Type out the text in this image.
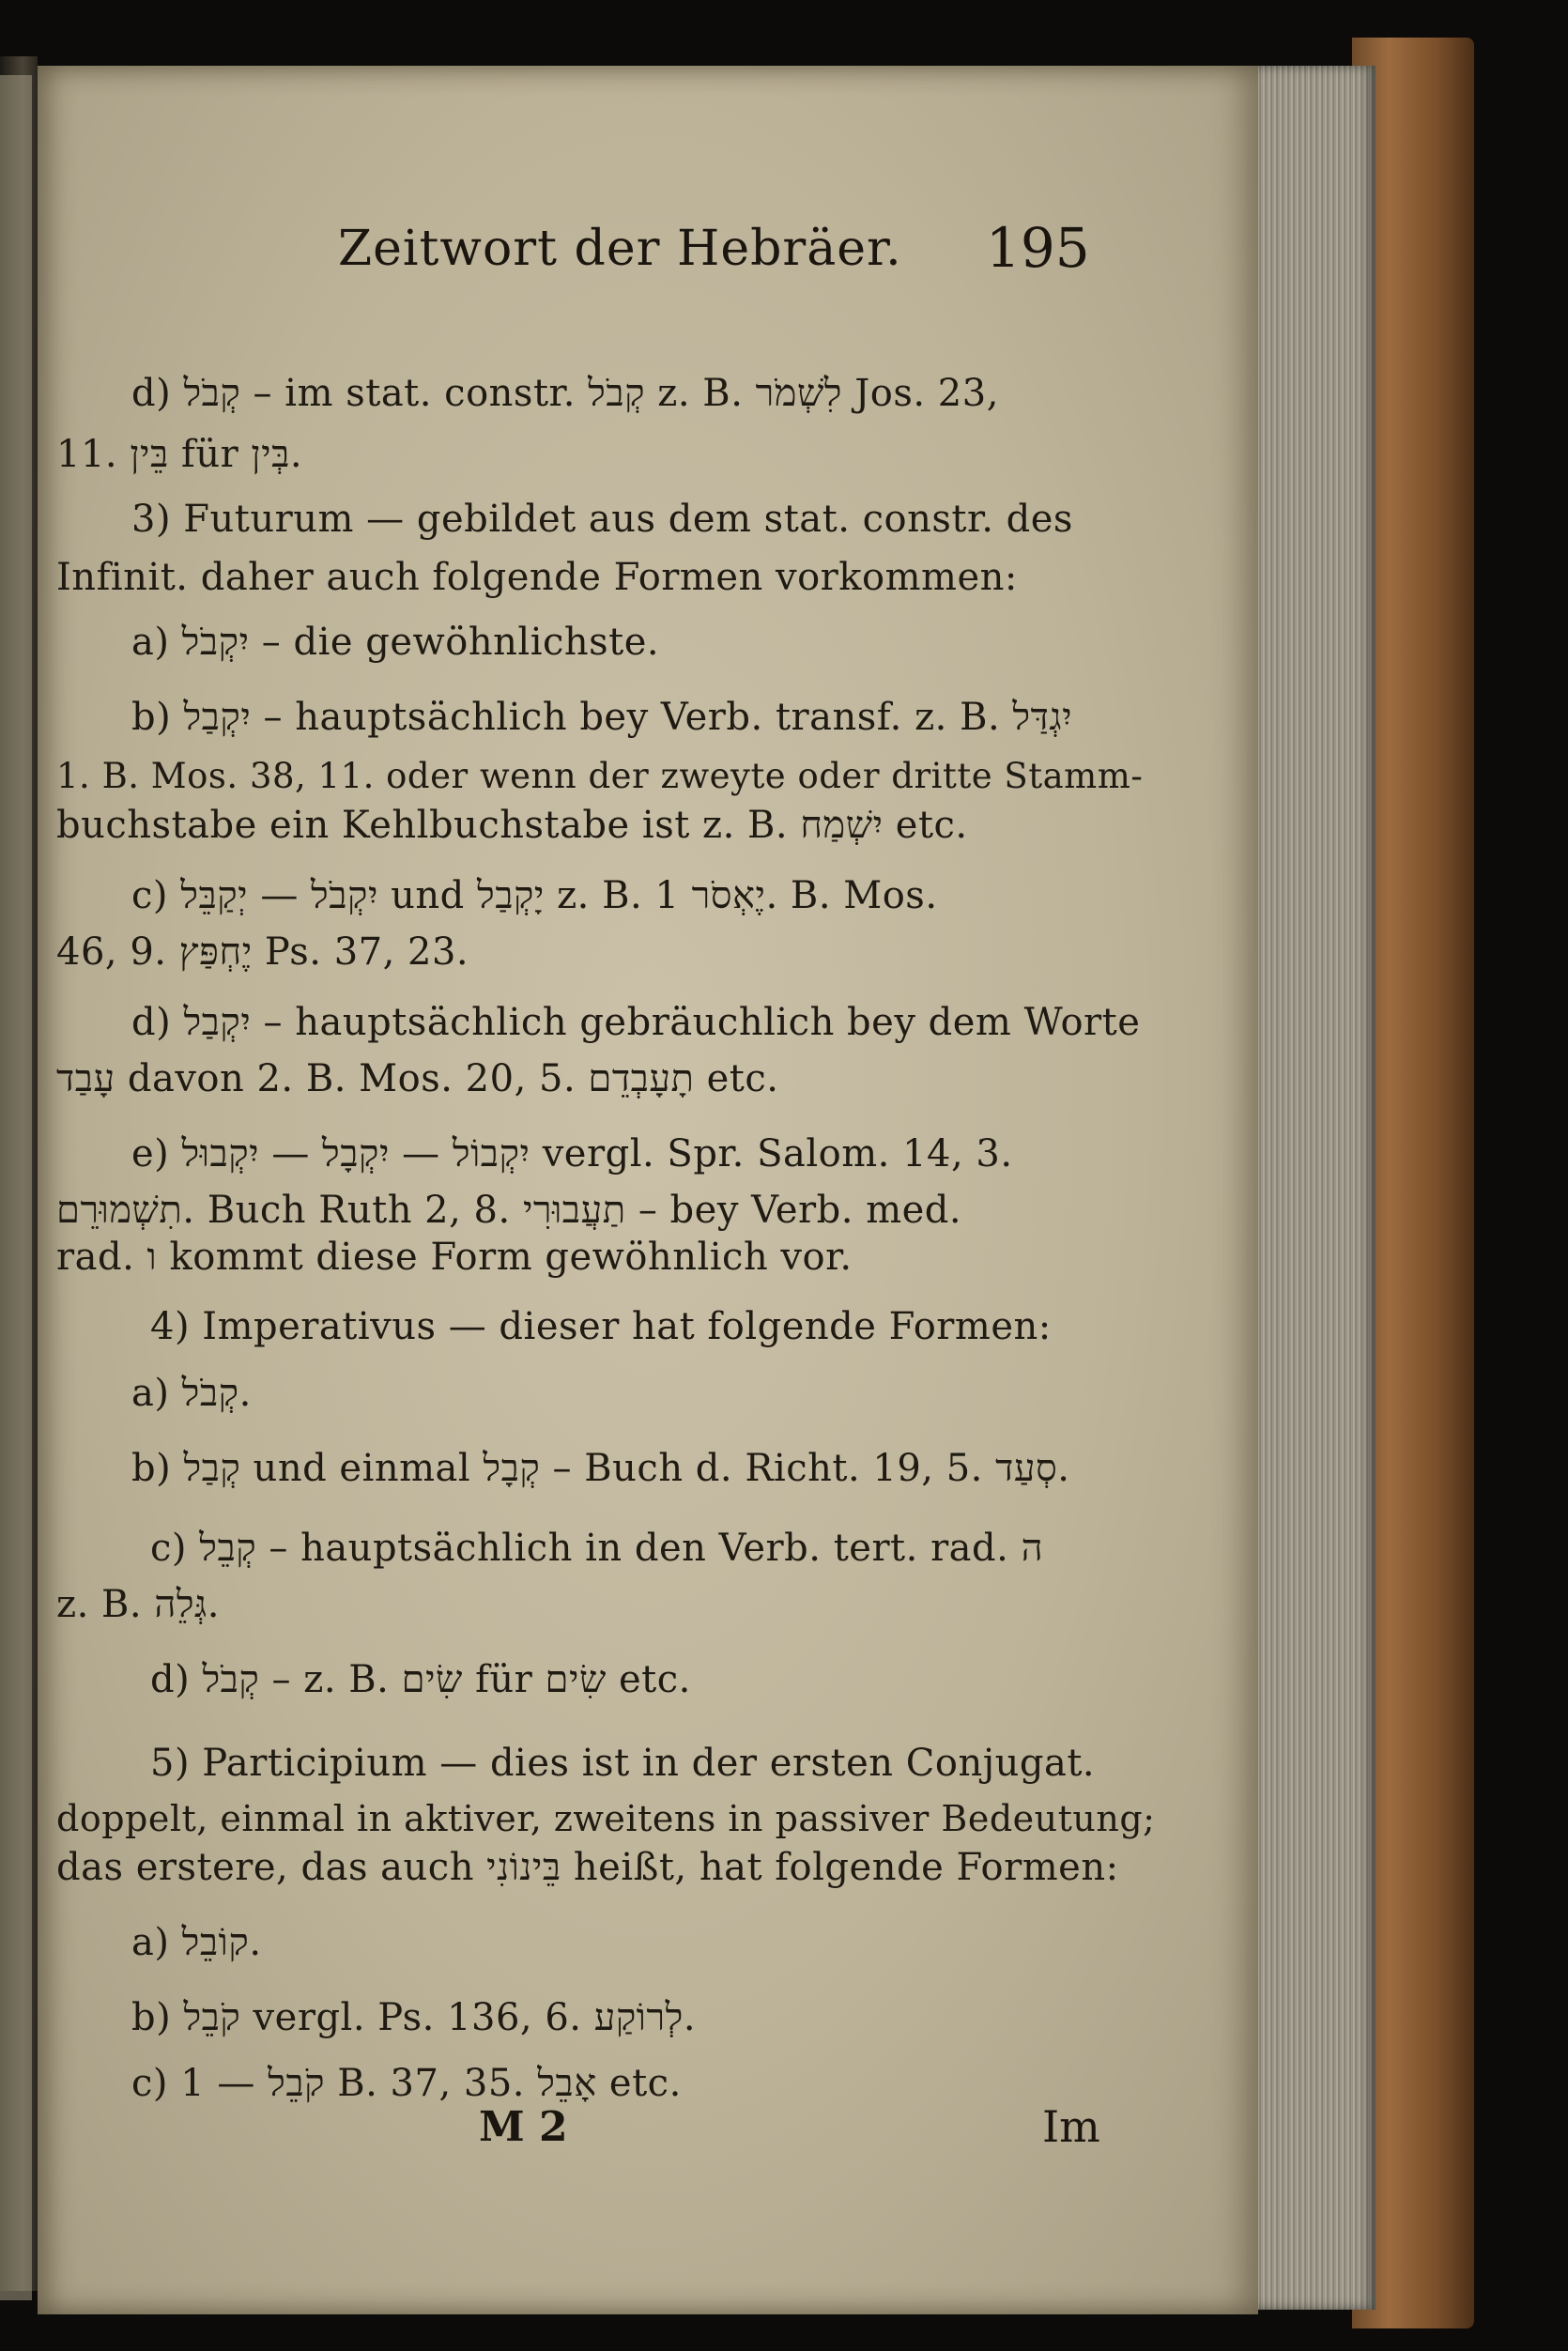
Zeitwort der Hebräer. 195
d) קְבֹל – im stat. constr. קְבֹל z. B. לִשְׁמֹר Jos. 23,
11. בֵּין für בְּין.
3) Futurum — gebildet aus dem stat. constr. des
Infinit. daher auch folgende Formen vorkommen:
a) יִקְבֹל – die gewöhnlichste.
b) יִקְבַל – hauptsächlich bey Verb. transf. z. B. יִגְדַּל
1. B. Mos. 38, 11. oder wenn der zweyte oder dritte Stamm-
buchstabe ein Kehlbuchstabe ist z. B. יִשְׁמַח etc.
c) יִקְבֹל — יְקַבֵּל und יָקְבַל z. B. יֶאְסֹר 1. B. Mos.
46, 9. יֶחְפַּץ Ps. 37, 23.
d) יִקְבַל – hauptsächlich gebräuchlich bey dem Worte
עָבַד davon 2. B. Mos. 20, 5. תָעָבְדֵם etc.
e) יִקְבוֹל — יִקְבָל — יִקְבוּל vergl. Spr. Salom. 14, 3.
תִשְׁמוּרֵם. Buch Ruth 2, 8. תַעֲבוּרִי – bey Verb. med.
rad. ו kommt diese Form gewöhnlich vor.
4) Imperativus — dieser hat folgende Formen:
a) קְבֹל.
b) קְבַל und einmal קְבָל – Buch d. Richt. 19, 5. סְעַד.
c) קְבֵל – hauptsächlich in den Verb. tert. rad. ה
z. B. גְּלֵה.
d) קְבֹל – z. B. שִׂים für שִׂים etc.
5) Participium — dies ist in der ersten Conjugat.
doppelt, einmal in aktiver, zweitens in passiver Bedeutung;
das erstere, das auch בֵּינוֹנִי heißt, hat folgende Formen:
a) קוֹבֵל.
b) קֹבֵל vergl. Ps. 136, 6. לְרוֹקַע.
c) קֹבֵל — 1 B. 37, 35. אָבֵל etc.
M 2	Im
